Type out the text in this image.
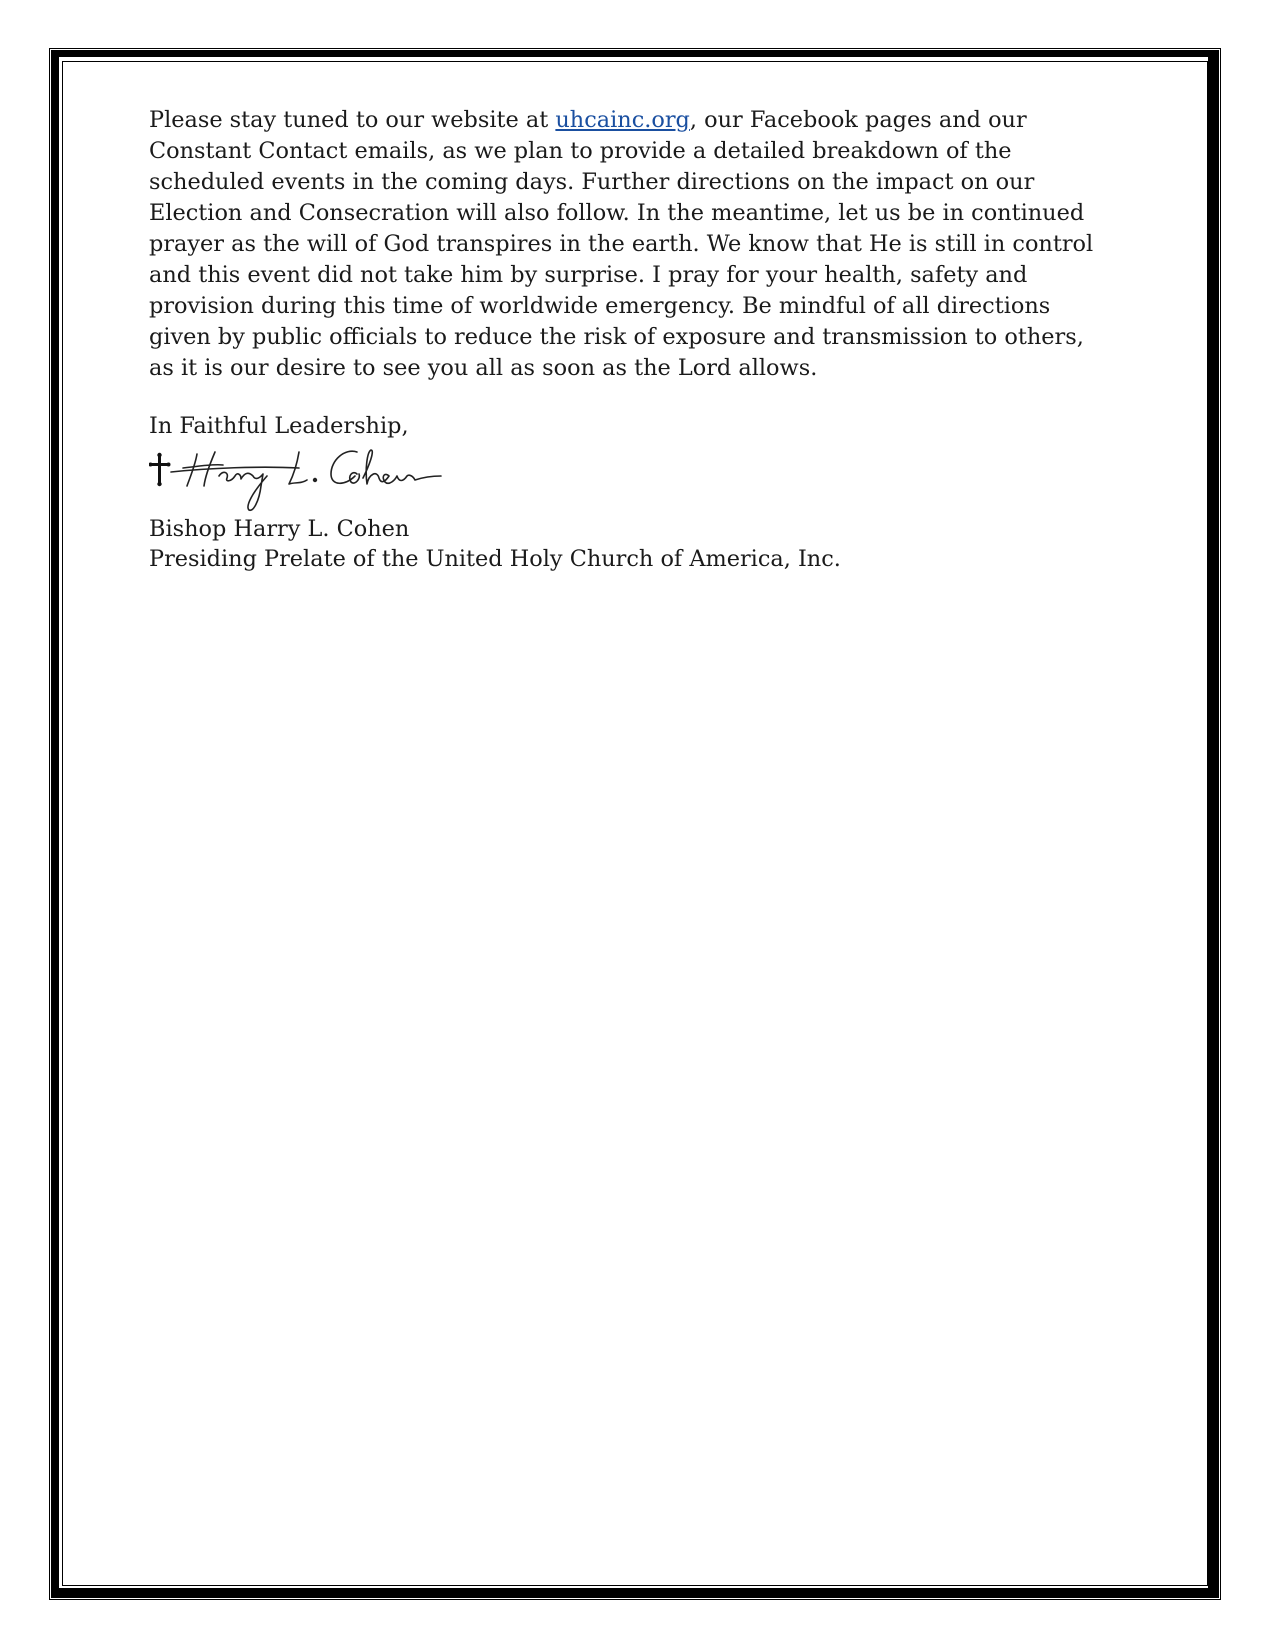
Please stay tuned to our website at uhcainc.org, our Facebook pages and our Constant Contact emails, as we plan to provide a detailed breakdown of the scheduled events in the coming days. Further directions on the impact on our Election and Consecration will also follow. In the meantime, let us be in continued prayer as the will of God transpires in the earth. We know that He is still in control and this event did not take him by surprise. I pray for your health, safety and provision during this time of worldwide emergency. Be mindful of all directions given by public officials to reduce the risk of exposure and transmission to others, as it is our desire to see you all as soon as the Lord allows.

In Faithful Leadership,

Bishop Harry L. Cohen

Presiding Prelate of the United Holy Church of America, Inc.
